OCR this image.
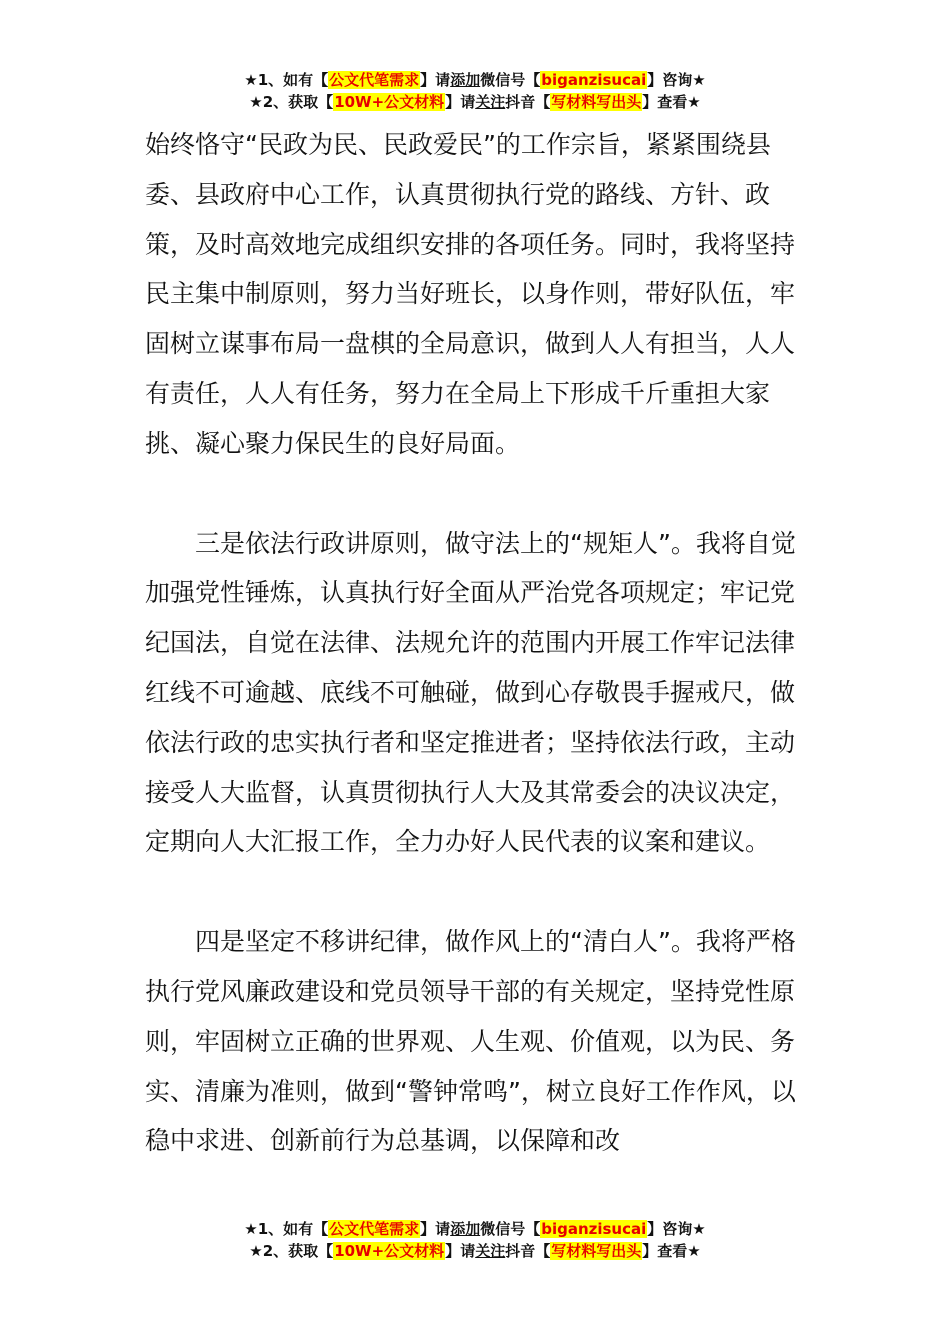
★1、如有【公文代笔需求】请添加微信号【biganzisucai】咨询★
★2、获取【10W+公文材料】请关注抖音【写材料写出头】查看★

始终恪守“民政为民、民政爱民”的工作宗旨，紧紧围绕县委、县政府中心工作，认真贯彻执行党的路线、方针、政策，及时高效地完成组织安排的各项任务。同时，我将坚持民主集中制原则，努力当好班长，以身作则，带好队伍，牢固树立谋事布局一盘棋的全局意识，做到人人有担当，人人有责任，人人有任务，努力在全局上下形成千斤重担大家挑、凝心聚力保民生的良好局面。

三是依法行政讲原则，做守法上的“规矩人”。我将自觉加强党性锤炼，认真执行好全面从严治党各项规定；牢记党纪国法，自觉在法律、法规允许的范围内开展工作牢记法律红线不可逾越、底线不可触碰，做到心存敬畏手握戒尺，做依法行政的忠实执行者和坚定推进者；坚持依法行政，主动接受人大监督，认真贯彻执行人大及其常委会的决议决定，定期向人大汇报工作，全力办好人民代表的议案和建议。

四是坚定不移讲纪律，做作风上的“清白人”。我将严格执行党风廉政建设和党员领导干部的有关规定，坚持党性原则，牢固树立正确的世界观、人生观、价值观，以为民、务实、清廉为准则，做到“警钟常鸣”，树立良好工作作风，以稳中求进、创新前行为总基调，以保障和改

★1、如有【公文代笔需求】请添加微信号【biganzisucai】咨询★
★2、获取【10W+公文材料】请关注抖音【写材料写出头】查看★
